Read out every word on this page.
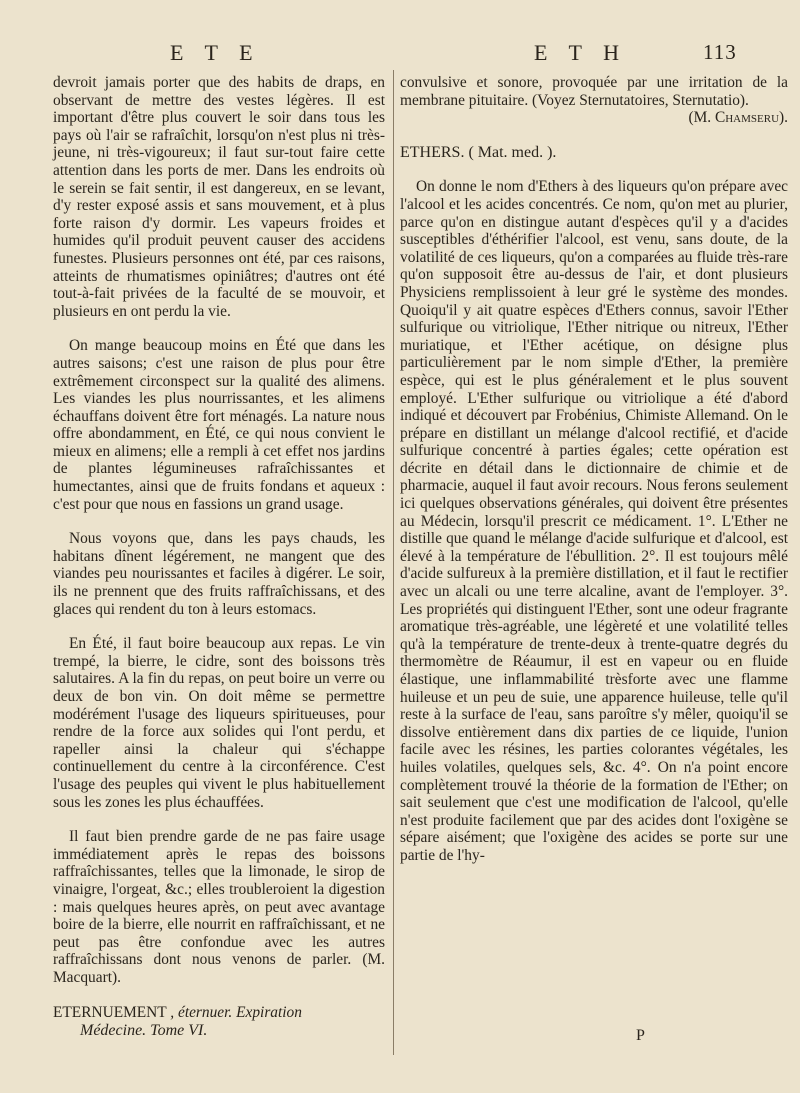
E T E	E T H	113

devroit jamais porter que des habits de draps, en observant de mettre des vestes légères. Il est important d'être plus couvert le soir dans tous les pays où l'air se rafraîchit, lorsqu'on n'est plus ni très-jeune, ni très-vigoureux; il faut sur-tout faire cette attention dans les ports de mer. Dans les endroits où le serein se fait sentir, il est dangereux, en se levant, d'y rester exposé assis et sans mouvement, et à plus forte raison d'y dormir. Les vapeurs froides et humides qu'il produit peuvent causer des accidens funestes. Plusieurs personnes ont été, par ces raisons, atteints de rhumatismes opiniâtres; d'autres ont été tout-à-fait privées de la faculté de se mouvoir, et plusieurs en ont perdu la vie.

On mange beaucoup moins en Été que dans les autres saisons; c'est une raison de plus pour être extrêmement circonspect sur la qualité des alimens. Les viandes les plus nourrissantes, et les alimens échauffans doivent être fort ménagés. La nature nous offre abondamment, en Été, ce qui nous convient le mieux en alimens; elle a rempli à cet effet nos jardins de plantes légumineuses rafraîchissantes et humectantes, ainsi que de fruits fondans et aqueux : c'est pour que nous en fassions un grand usage.

Nous voyons que, dans les pays chauds, les habitans dînent légérement, ne mangent que des viandes peu nourissantes et faciles à digérer. Le soir, ils ne prennent que des fruits raffraîchissans, et des glaces qui rendent du ton à leurs estomacs.

En Été, il faut boire beaucoup aux repas. Le vin trempé, la bierre, le cidre, sont des boissons très salutaires. A la fin du repas, on peut boire un verre ou deux de bon vin. On doit même se permettre modérément l'usage des liqueurs spiritueuses, pour rendre de la force aux solides qui l'ont perdu, et rapeller ainsi la chaleur qui s'échappe continuellement du centre à la circonférence. C'est l'usage des peuples qui vivent le plus habituellement sous les zones les plus échauffées.

Il faut bien prendre garde de ne pas faire usage immédiatement après le repas des boissons raffraîchissantes, telles que la limonade, le sirop de vinaigre, l'orgeat, &c.; elles troubleroient la digestion : mais quelques heures après, on peut avec avantage boire de la bierre, elle nourrit en raffraîchissant, et ne peut pas être confondue avec les autres raffraîchissans dont nous venons de parler. (M. Macquart).

ETERNUEMENT , éternuer. Expiration

convulsive et sonore, provoquée par une irritation de la membrane pituitaire. (Voyez Sternutatoires, Sternutatio).

(M. Chamseru).

ETHERS. ( Mat. med. ).

On donne le nom d'Ethers à des liqueurs qu'on prépare avec l'alcool et les acides concentrés. Ce nom, qu'on met au plurier, parce qu'on en distingue autant d'espèces qu'il y a d'acides susceptibles d'éthérifier l'alcool, est venu, sans doute, de la volatilité de ces liqueurs, qu'on a comparées au fluide très-rare qu'on supposoit être au-dessus de l'air, et dont plusieurs Physiciens remplissoient à leur gré le système des mondes. Quoiqu'il y ait quatre espèces d'Ethers connus, savoir l'Ether sulfurique ou vitriolique, l'Ether nitrique ou nitreux, l'Ether muriatique, et l'Ether acétique, on désigne plus particulièrement par le nom simple d'Ether, la première espèce, qui est le plus généralement et le plus souvent employé. L'Ether sulfurique ou vitriolique a été d'abord indiqué et découvert par Frobénius, Chimiste Allemand. On le prépare en distillant un mélange d'alcool rectifié, et d'acide sulfurique concentré à parties égales; cette opération est décrite en détail dans le dictionnaire de chimie et de pharmacie, auquel il faut avoir recours. Nous ferons seulement ici quelques observations générales, qui doivent être présentes au Médecin, lorsqu'il prescrit ce médicament. 1°. L'Ether ne distille que quand le mélange d'acide sulfurique et d'alcool, est élevé à la température de l'ébullition. 2°. Il est toujours mêlé d'acide sulfureux à la première distillation, et il faut le rectifier avec un alcali ou une terre alcaline, avant de l'employer. 3°. Les propriétés qui distinguent l'Ether, sont une odeur fragrante aromatique très-agréable, une légèreté et une volatilité telles qu'à la température de trente-deux à trente-quatre degrés du thermomètre de Réaumur, il est en vapeur ou en fluide élastique, une inflammabilité trèsforte avec une flamme huileuse et un peu de suie, une apparence huileuse, telle qu'il reste à la surface de l'eau, sans paroître s'y mêler, quoiqu'il se dissolve entièrement dans dix parties de ce liquide, l'union facile avec les résines, les parties colorantes végétales, les huiles volatiles, quelques sels, &c. 4°. On n'a point encore complètement trouvé la théorie de la formation de l'Ether; on sait seulement que c'est une modification de l'alcool, qu'elle n'est produite facilement que par des acides dont l'oxigène se sépare aisément; que l'oxigène des acides se porte sur une partie de l'hy-

Médecine. Tome VI.	P
